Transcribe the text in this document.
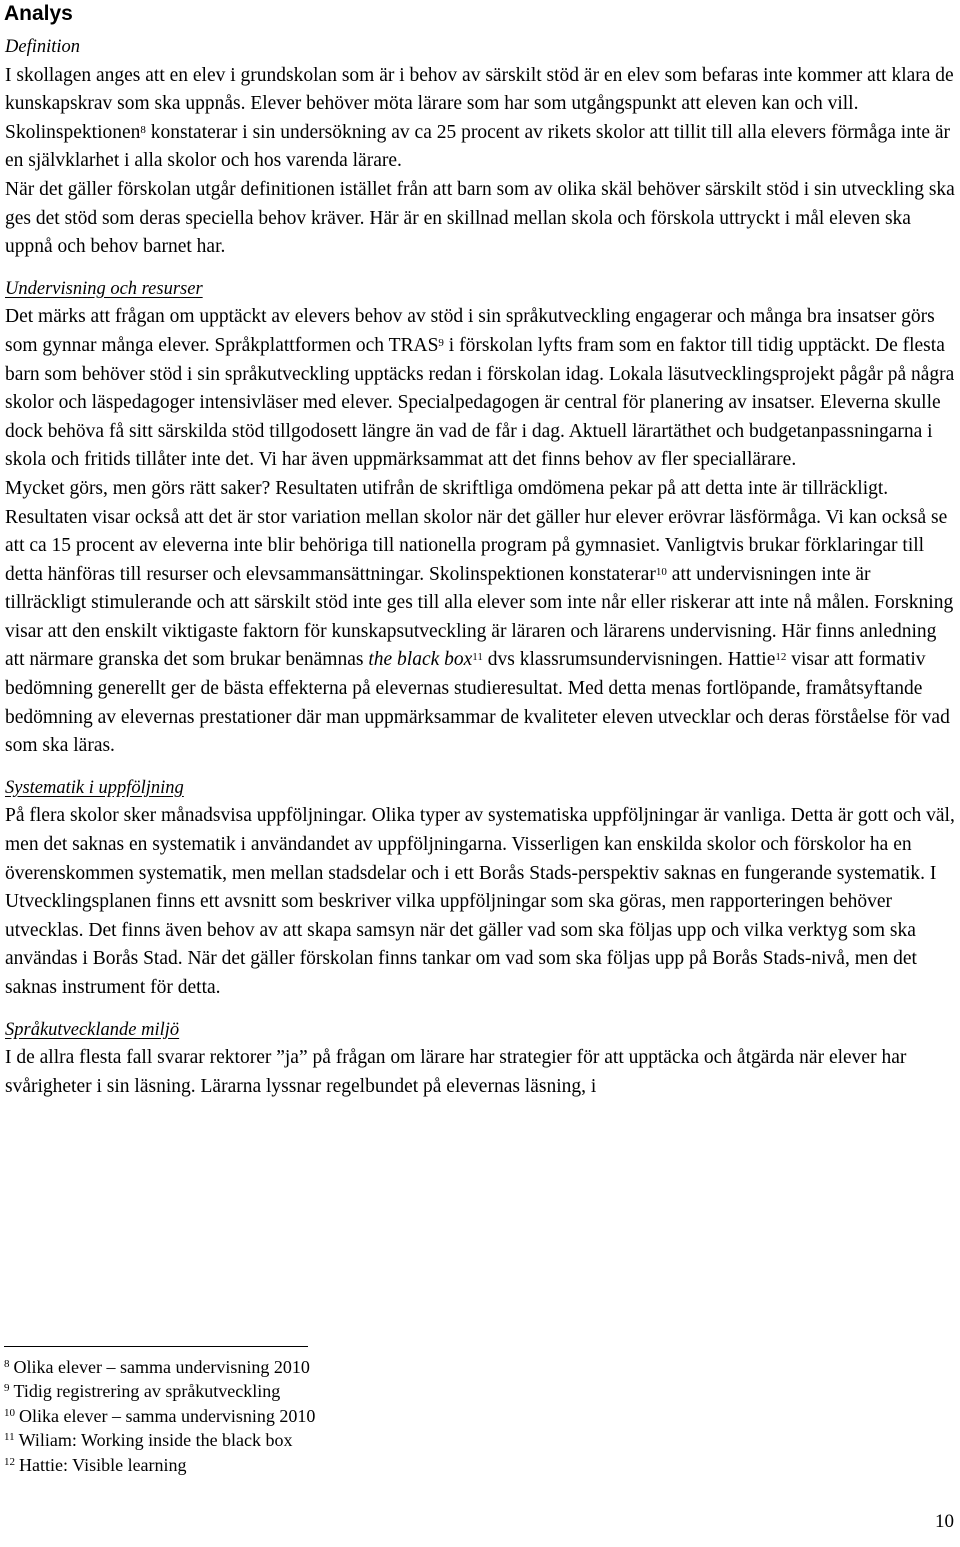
Analys

Definition

I skollagen anges att en elev i grundskolan som är i behov av särskilt stöd är en elev som befaras inte kommer att klara de kunskapskrav som ska uppnås. Elever behöver möta lärare som har som utgångspunkt att eleven kan och vill. Skolinspektionen$^8$ konstaterar i sin undersökning av ca 25 procent av rikets skolor att tillit till alla elevers förmåga inte är en självklarhet i alla skolor och hos varenda lärare.

När det gäller förskolan utgår definitionen istället från att barn som av olika skäl behöver särskilt stöd i sin utveckling ska ges det stöd som deras speciella behov kräver. Här är en skillnad mellan skola och förskola uttryckt i mål eleven ska uppnå och behov barnet har.

Undervisning och resurser

Det märks att frågan om upptäckt av elevers behov av stöd i sin språkutveckling engagerar och många bra insatser görs som gynnar många elever. Språkplattformen och TRAS$^9$ i förskolan lyfts fram som en faktor till tidig upptäckt. De flesta barn som behöver stöd i sin språkutveckling upptäcks redan i förskolan idag. Lokala läsutvecklingsprojekt pågår på några skolor och läspedagoger intensivläser med elever. Specialpedagogen är central för planering av insatser. Eleverna skulle dock behöva få sitt särskilda stöd tillgodosett längre än vad de får i dag. Aktuell lärartäthet och budgetanpassningarna i skola och fritids tillåter inte det. Vi har även uppmärksammat att det finns behov av fler speciallärare.

Mycket görs, men görs rätt saker? Resultaten utifrån de skriftliga omdömena pekar på att detta inte är tillräckligt. Resultaten visar också att det är stor variation mellan skolor när det gäller hur elever erövrar läsförmåga. Vi kan också se att ca 15 procent av eleverna inte blir behöriga till nationella program på gymnasiet. Vanligtvis brukar förklaringar till detta hänföras till resurser och elevsammansättningar. Skolinspektionen konstaterar$^{10}$ att undervisningen inte är tillräckligt stimulerande och att särskilt stöd inte ges till alla elever som inte når eller riskerar att inte nå målen. Forskning visar att den enskilt viktigaste faktorn för kunskapsutveckling är läraren och lärarens undervisning. Här finns anledning att närmare granska det som brukar benämnas the black box$^{11}$ dvs klassrumsundervisningen. Hattie$^{12}$ visar att formativ bedömning generellt ger de bästa effekterna på elevernas studieresultat. Med detta menas fortlöpande, framåtsyftande bedömning av elevernas prestationer där man uppmärksammar de kvaliteter eleven utvecklar och deras förståelse för vad som ska läras.

Systematik i uppföljning

På flera skolor sker månadsvisa uppföljningar. Olika typer av systematiska uppföljningar är vanliga. Detta är gott och väl, men det saknas en systematik i användandet av uppföljningarna. Visserligen kan enskilda skolor och förskolor ha en överenskommen systematik, men mellan stadsdelar och i ett Borås Stads-perspektiv saknas en fungerande systematik. I Utvecklingsplanen finns ett avsnitt som beskriver vilka uppföljningar som ska göras, men rapporteringen behöver utvecklas. Det finns även behov av att skapa samsyn när det gäller vad som ska följas upp och vilka verktyg som ska användas i Borås Stad. När det gäller förskolan finns tankar om vad som ska följas upp på Borås Stads-nivå, men det saknas instrument för detta.

Språkutvecklande miljö

I de allra flesta fall svarar rektorer ”ja” på frågan om lärare har strategier för att upptäcka och åtgärda när elever har svårigheter i sin läsning. Lärarna lyssnar regelbundet på elevernas läsning, i

$^8$ Olika elever – samma undervisning 2010
$^9$ Tidig registrering av språkutveckling
$^{10}$ Olika elever – samma undervisning 2010
$^{11}$ Wiliam: Working inside the black box
$^{12}$ Hattie: Visible learning
10
